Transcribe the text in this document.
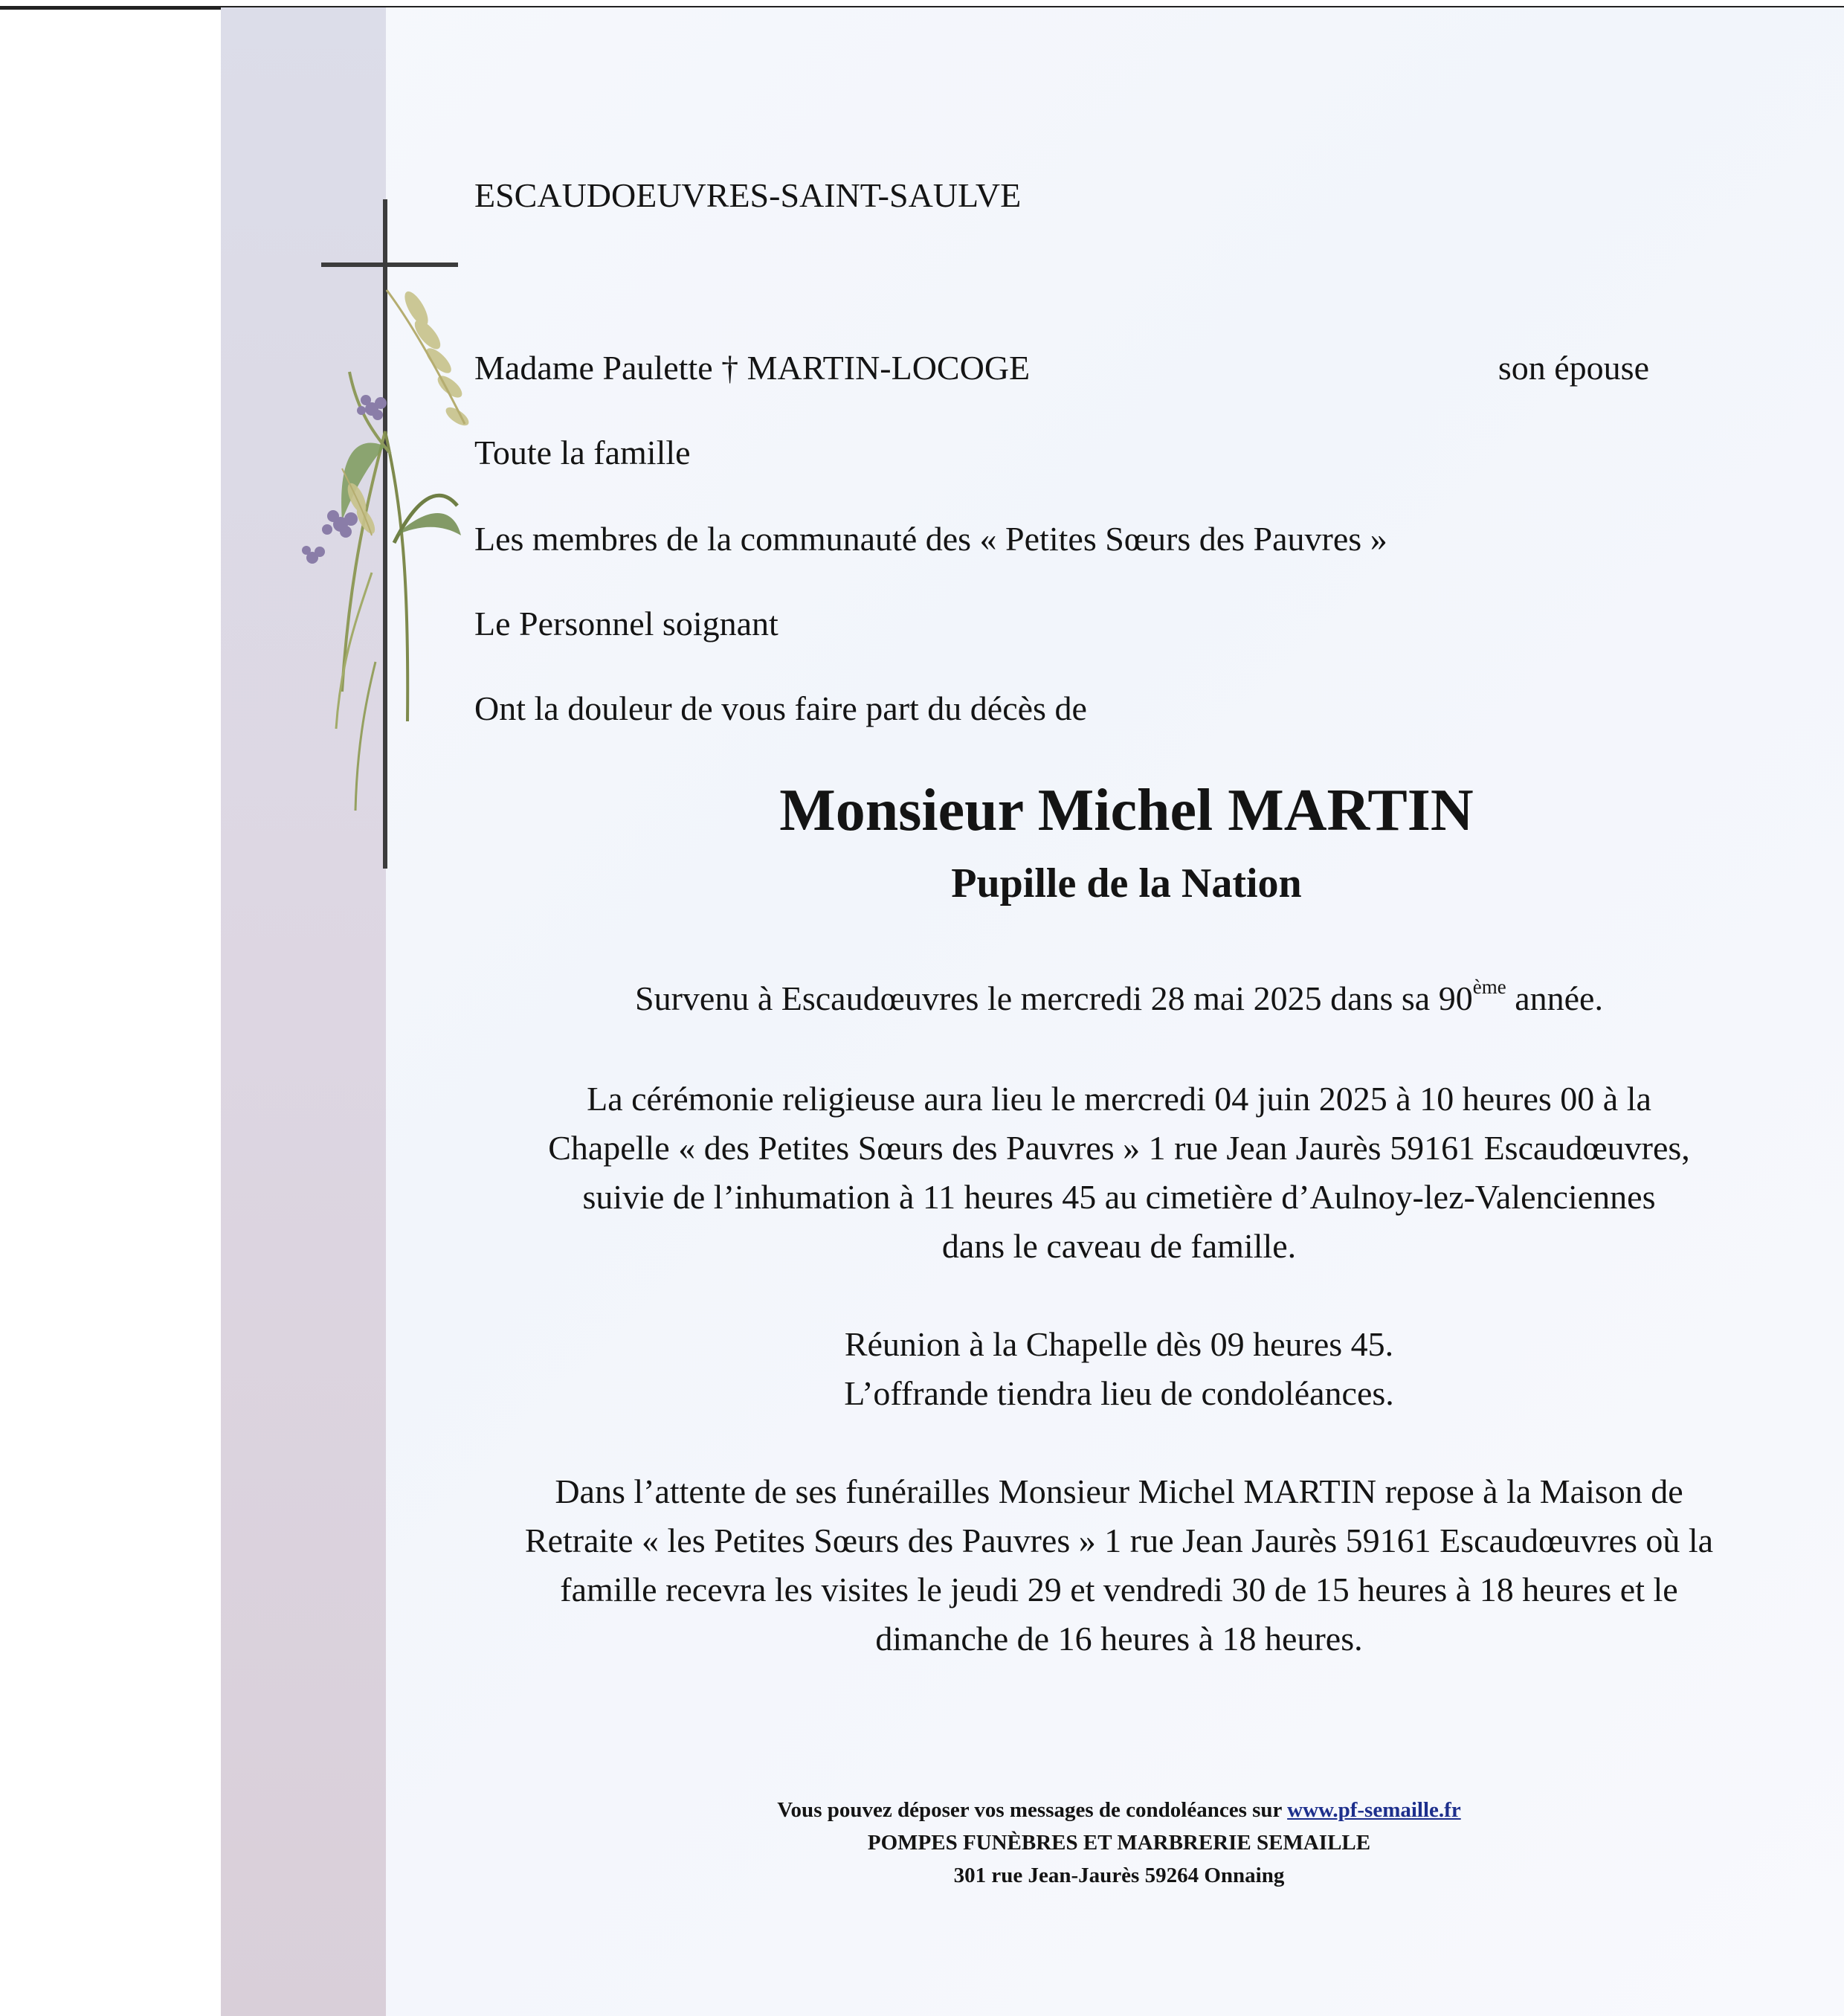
ESCAUDOEUVRES-SAINT-SAULVE
Madame Paulette † MARTIN-LOCOGE	son épouse
Toute la famille
Les membres de la communauté des « Petites Sœurs des Pauvres »
Le Personnel soignant
Ont la douleur de vous faire part du décès de
Monsieur Michel MARTIN
Pupille de la Nation
Survenu à Escaudœuvres le mercredi 28 mai 2025 dans sa 90ème année.
La cérémonie religieuse aura lieu le mercredi 04 juin 2025 à 10 heures 00 à la
Chapelle « des Petites Sœurs des Pauvres » 1 rue Jean Jaurès 59161 Escaudœuvres,
suivie de l’inhumation à 11 heures 45 au cimetière d’Aulnoy-lez-Valenciennes
dans le caveau de famille.
Réunion à la Chapelle dès 09 heures 45.
L’offrande tiendra lieu de condoléances.
Dans l’attente de ses funérailles Monsieur Michel MARTIN repose à la Maison de
Retraite « les Petites Sœurs des Pauvres » 1 rue Jean Jaurès 59161 Escaudœuvres où la
famille recevra les visites le jeudi 29 et vendredi 30 de 15 heures à 18 heures et le
dimanche de 16 heures à 18 heures.
Vous pouvez déposer vos messages de condoléances sur www.pf-semaille.fr
POMPES FUNÈBRES ET MARBRERIE SEMAILLE
301 rue Jean-Jaurès 59264 Onnaing
